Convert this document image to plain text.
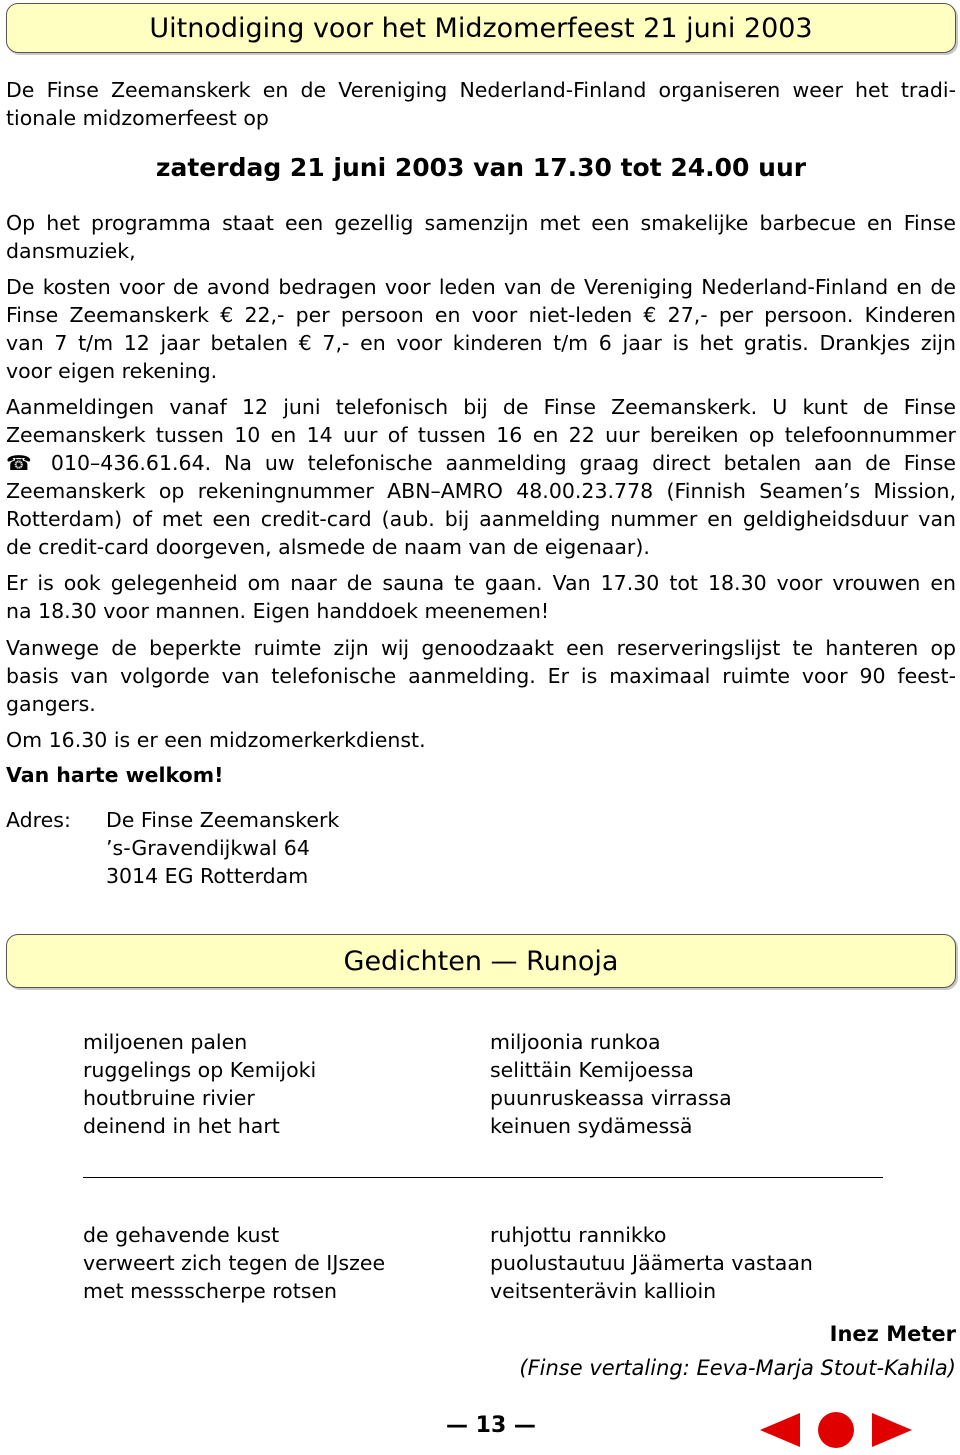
Uitnodiging voor het Midzomerfeest 21 juni 2003
De Finse Zeemanskerk en de Vereniging Nederland-Finland organiseren weer het tradi-
tionale midzomerfeest op
zaterdag 21 juni 2003 van 17.30 tot 24.00 uur
Op het programma staat een gezellig samenzijn met een smakelijke barbecue en Finse
dansmuziek,
De kosten voor de avond bedragen voor leden van de Vereniging Nederland-Finland en de
Finse Zeemanskerk € 22,- per persoon en voor niet-leden € 27,- per persoon. Kinderen
van 7 t/m 12 jaar betalen € 7,- en voor kinderen t/m 6 jaar is het gratis. Drankjes zijn
voor eigen rekening.
Aanmeldingen vanaf 12 juni telefonisch bij de Finse Zeemanskerk. U kunt de Finse
Zeemanskerk tussen 10 en 14 uur of tussen 16 en 22 uur bereiken op telefoonnummer
☎ 010–436.61.64. Na uw telefonische aanmelding graag direct betalen aan de Finse
Zeemanskerk op rekeningnummer ABN–AMRO 48.00.23.778 (Finnish Seamen’s Mission,
Rotterdam) of met een credit-card (aub. bij aanmelding nummer en geldigheidsduur van
de credit-card doorgeven, alsmede de naam van de eigenaar).
Er is ook gelegenheid om naar de sauna te gaan. Van 17.30 tot 18.30 voor vrouwen en
na 18.30 voor mannen. Eigen handdoek meenemen!
Vanwege de beperkte ruimte zijn wij genoodzaakt een reserveringslijst te hanteren op
basis van volgorde van telefonische aanmelding. Er is maximaal ruimte voor 90 feest-
gangers.
Om 16.30 is er een midzomerkerkdienst.
Van harte welkom!
Adres: De Finse Zeemanskerk
’s-Gravendijkwal 64
3014 EG Rotterdam
Gedichten — Runoja
miljoenen palen
ruggelings op Kemijoki
houtbruine rivier
deinend in het hart
miljoonia runkoa
selittäin Kemijoessa
puunruskeassa virrassa
keinuen sydämessä
de gehavende kust
verweert zich tegen de IJszee
met messscherpe rotsen
ruhjottu rannikko
puolustautuu Jäämerta vastaan
veitsenterävin kallioin
Inez Meter
(Finse vertaling: Eeva-Marja Stout-Kahila)
— 13 —
